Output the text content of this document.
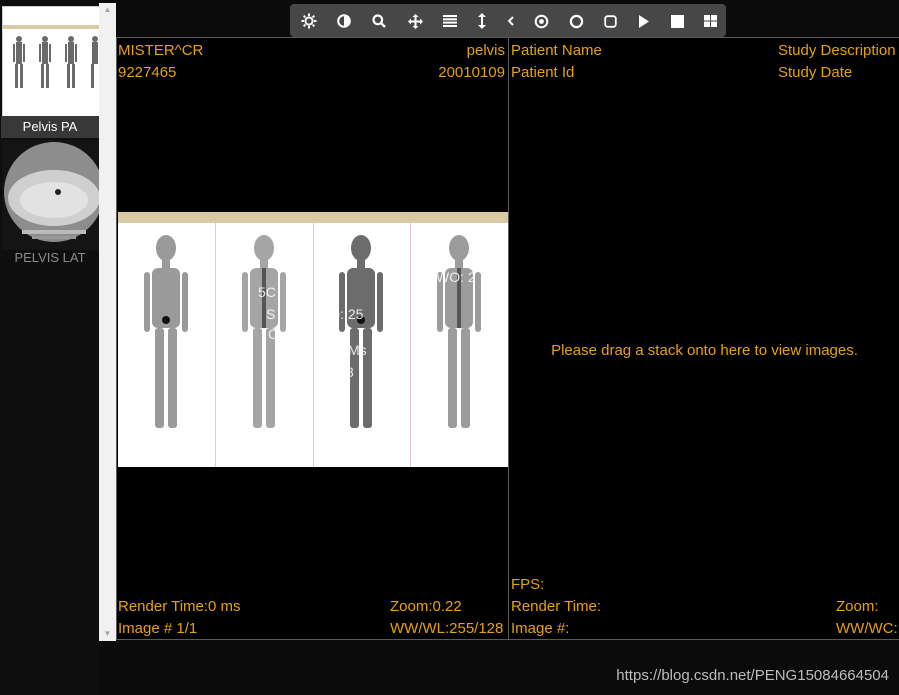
Pelvis PA
PELVIS LAT
▲
▼
MISTER^CR
9227465
pelvis
20010109
WO: 2
5C
S	D: 25
C
Ms
3
Render Time:0 ms
Image # 1/1
Zoom:0.22
WW/WL:255/128
Patient Name
Patient Id
Study Description
Study Date
Please drag a stack onto here to view images.
FPS:
Render Time:
Image #:
Zoom:
WW/WC:
https://blog.csdn.net/PENG15084664504
